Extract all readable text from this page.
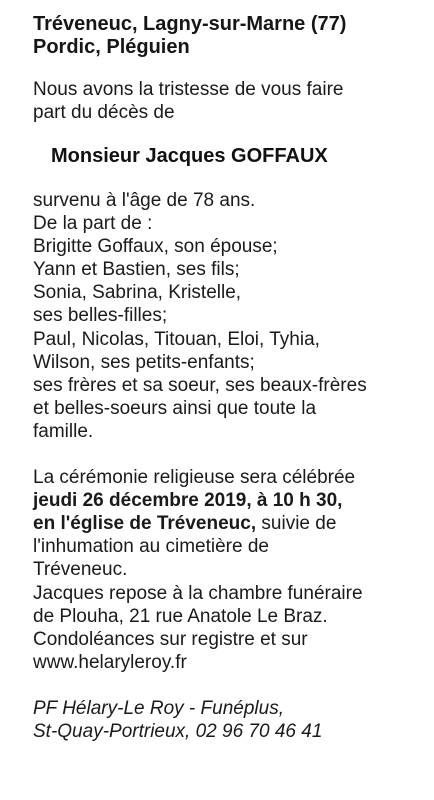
Tréveneuc, Lagny-sur-Marne (77)
Pordic, Pléguien
Nous avons la tristesse de vous faire
part du décès de
Monsieur Jacques GOFFAUX
survenu à l'âge de 78 ans.
De la part de :
Brigitte Goffaux, son épouse;
Yann et Bastien, ses fils;
Sonia, Sabrina, Kristelle,
ses belles-filles;
Paul, Nicolas, Titouan, Eloi, Tyhia,
Wilson, ses petits-enfants;
ses frères et sa soeur, ses beaux-frères
et belles-soeurs ainsi que toute la
famille.
La cérémonie religieuse sera célébrée
jeudi 26 décembre 2019, à 10 h 30,
en l'église de Tréveneuc, suivie de
l'inhumation au cimetière de
Tréveneuc.
Jacques repose à la chambre funéraire
de Plouha, 21 rue Anatole Le Braz.
Condoléances sur registre et sur
www.helaryleroy.fr
PF Hélary-Le Roy - Funéplus,
St-Quay-Portrieux, 02 96 70 46 41
